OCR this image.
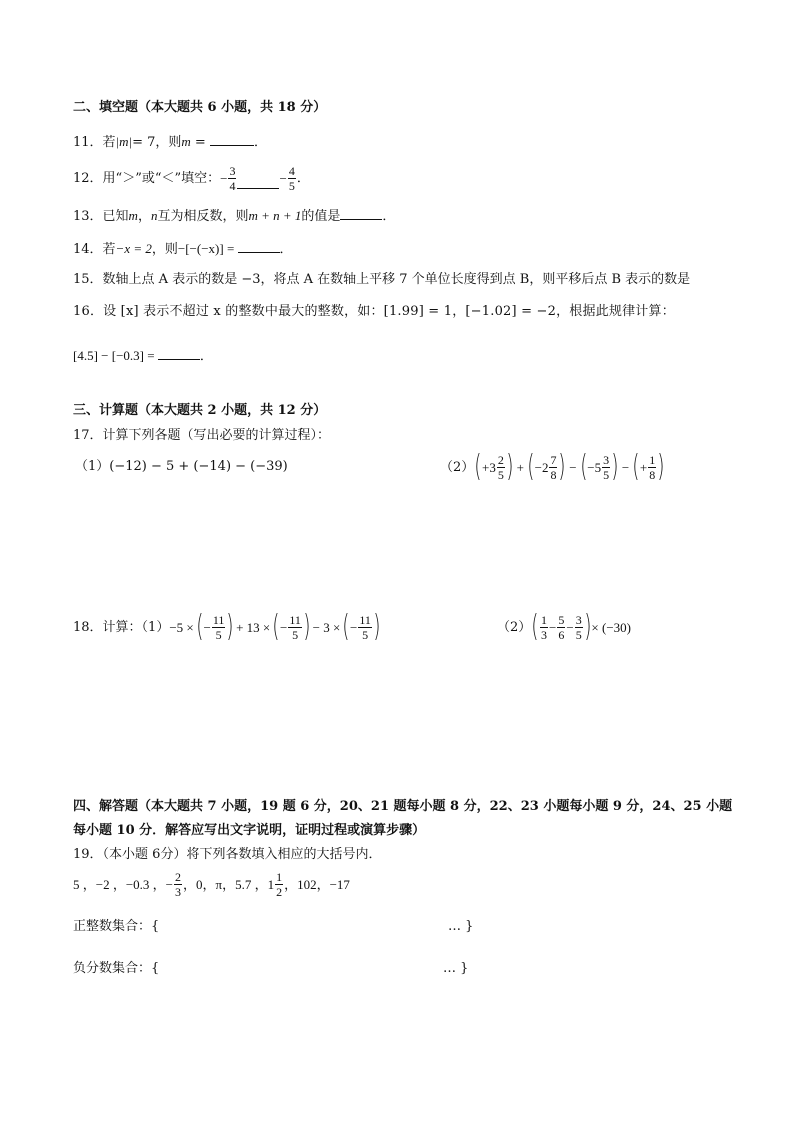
二、填空题（本大题共 6 小题，共 18 分）
11．若|m|= 7，则m =	．
12．用“＞”或“＜”填空： − $\frac{3}{4}$	− $\frac{4}{5}$ ．
13．已知m，n互为相反数，则m + n + 1的值是	．
14．若−x = 2，则−[−(−x)] =	．
15．数轴上点 A 表示的数是 −3，将点 A 在数轴上平移 7 个单位长度得到点 B，则平移后点 B 表示的数是
16．设 [x] 表示不超过 x 的整数中最大的整数，如：[1.99] = 1，[−1.02] = −2，根据此规律计算：
[4.5] − [−0.3] =	．
三、计算题（本大题共 2 小题，共 12 分）
17．计算下列各题（写出必要的计算过程）：
（1）(−12) − 5 + (−14) − (−39)	（2） ( $+3 \frac{2}{5}$ ) + ( $-2 \frac{7}{8}$ ) − ( $-5 \frac{3}{5}$ ) − ( + $\frac{1}{8}$ )
18．计算：（1） −5 × ( − $\frac{11}{5}$ ) + 13 × ( − $\frac{11}{5}$ ) − 3 × ( − $\frac{11}{5}$ )	（2） ( $\frac{1}{3} - \frac{5}{6} - \frac{3}{5}$ ) × (−30)
四、解答题（本大题共 7 小题，19 题 6 分，20、21 题每小题 8 分，22、23 小题每小题 9 分，24、25 小题
每小题 10 分．解答应写出文字说明，证明过程或演算步骤）
19．（本小题 6分）将下列各数填入相应的大括号内．
5 ，−2 ，−0.3 ，− $\frac{2}{3}$ ，0，π，5.7 ，$1 \frac{1}{2}$ ，102，−17
正整数集合：{	… }
负分数集合：{	… }
